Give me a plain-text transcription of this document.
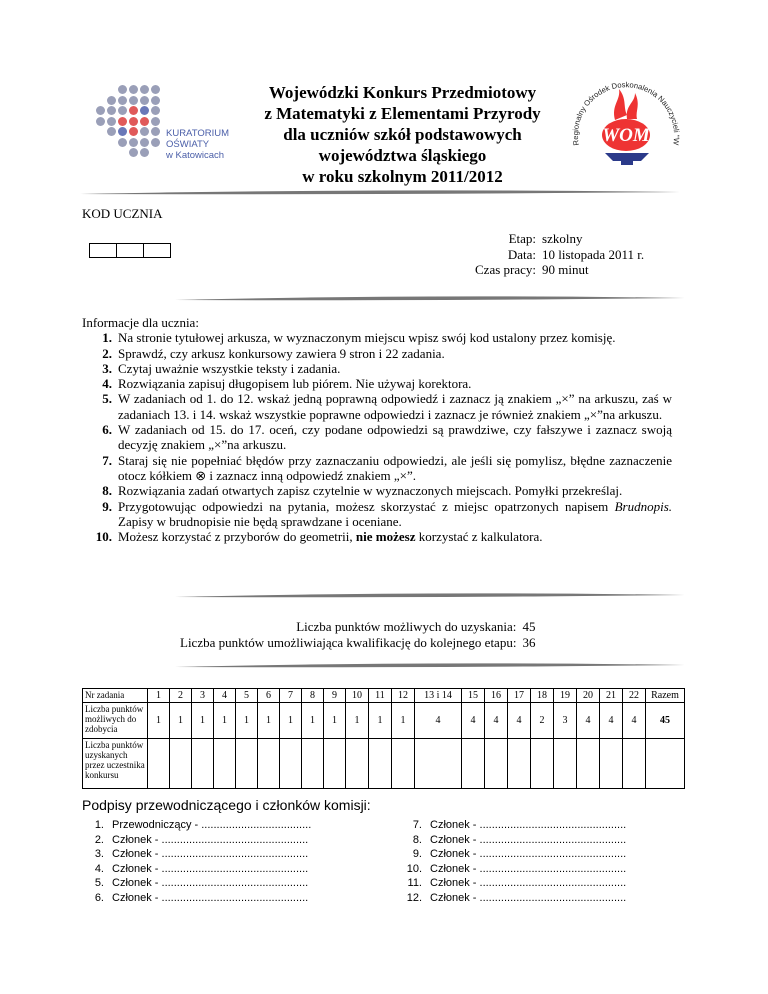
KURATORIUM
OŚWIATY
w Katowicach
Wojewódzki Konkurs Przedmiotowy
z Matematyki z Elementami Przyrody
dla uczniów szkół podstawowych
województwa śląskiego
w roku szkolnym 2011/2012
Regionalny Ośrodek Doskonalenia Nauczycieli "W
WOM
KOD UCZNIA
Etap:	szkolny
Data:	10 listopada 2011 r.
Czas pracy:	90 minut
Informacje dla ucznia:
1. Na stronie tytułowej arkusza, w wyznaczonym miejscu wpisz swój kod ustalony przez komisję.
2. Sprawdź, czy arkusz konkursowy zawiera 9 stron i 22 zadania.
3. Czytaj uważnie wszystkie teksty i zadania.
4. Rozwiązania zapisuj długopisem lub piórem. Nie używaj korektora.
5. W zadaniach od 1. do 12. wskaż jedną poprawną odpowiedź i zaznacz ją znakiem „×” na arkuszu, zaś w zadaniach 13. i 14. wskaż wszystkie poprawne odpowiedzi i zaznacz je również znakiem „×”na arkuszu.
6. W zadaniach od 15. do 17. oceń, czy podane odpowiedzi są prawdziwe, czy fałszywe i zaznacz swoją decyzję znakiem „×”na arkuszu.
7. Staraj się nie popełniać błędów przy zaznaczaniu odpowiedzi, ale jeśli się pomylisz, błędne zaznaczenie otocz kółkiem ⊗ i zaznacz inną odpowiedź znakiem „×”.
8. Rozwiązania zadań otwartych zapisz czytelnie w wyznaczonych miejscach. Pomyłki przekreślaj.
9. Przygotowując odpowiedzi na pytania, możesz skorzystać z miejsc opatrzonych napisem Brudnopis. Zapisy w brudnopisie nie będą sprawdzane i oceniane.
10. Możesz korzystać z przyborów do geometrii, nie możesz korzystać z kalkulatora.
Liczba punktów możliwych do uzyskania:	45
Liczba punktów umożliwiająca kwalifikację do kolejnego etapu:	36
Nr zadania	1	2	3	4	5	6	7	8	9	10	11	12	13 i 14	15	16	17	18	19	20	21	22	Razem
Liczba punktów możliwych do zdobycia	1	1	1	1	1	1	1	1	1	1	1	1	4	4	4	4	2	3	4	4	4	45
Liczba punktów uzyskanych przez uczestnika konkursu																						
Podpisy przewodniczącego i członków komisji:
1. Przewodniczący - ....................................
2. Członek - ................................................
3. Członek - ................................................
4. Członek - ................................................
5. Członek - ................................................
6. Członek - ................................................
7. Członek - ................................................
8. Członek - ................................................
9. Członek - ................................................
10. Członek - ................................................
11. Członek - ................................................
12. Członek - ................................................
